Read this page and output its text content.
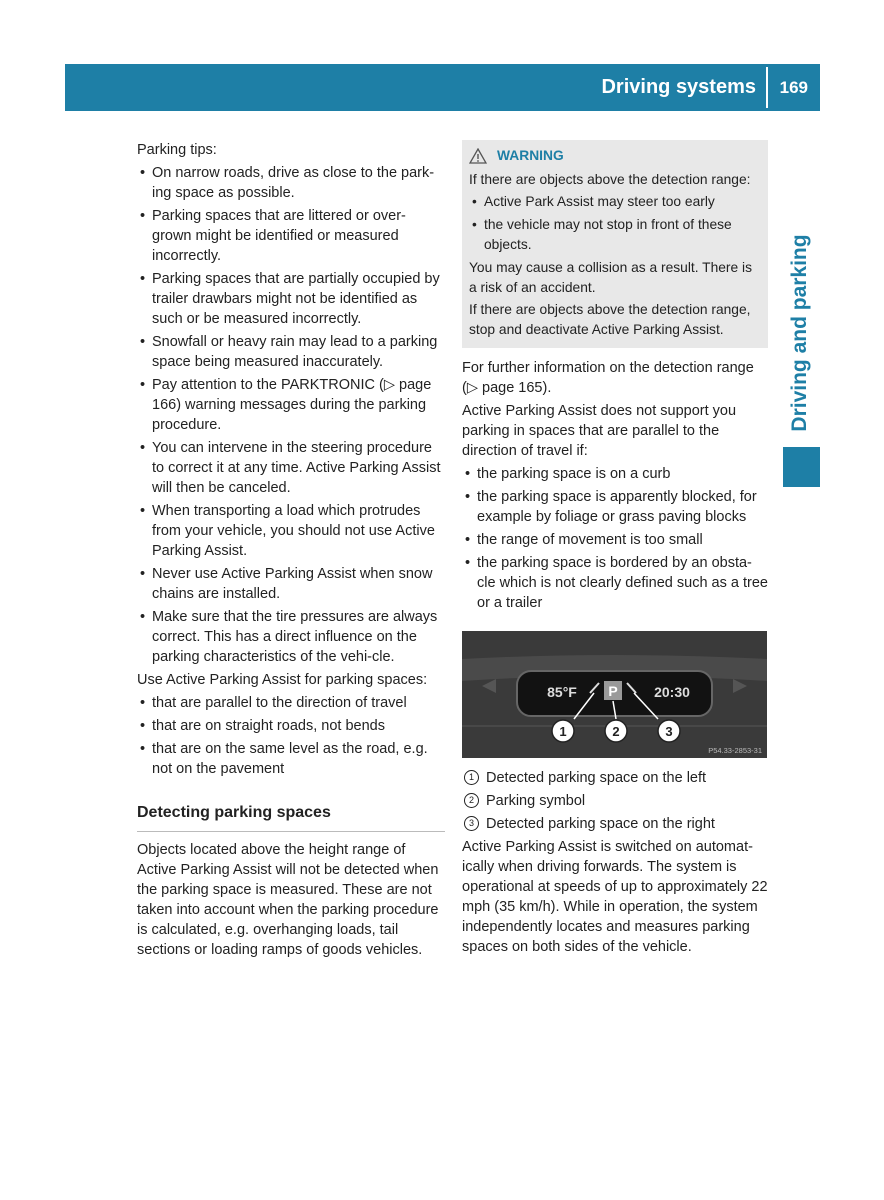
Driving systems 169
Driving and parking

Parking tips:

• On narrow roads, drive as close to the park-ing space as possible.
• Parking spaces that are littered or over-grown might be identified or measured incorrectly.
• Parking spaces that are partially occupied by trailer drawbars might not be identified as such or be measured incorrectly.
• Snowfall or heavy rain may lead to a parking space being measured inaccurately.
• Pay attention to the PARKTRONIC (▷ page 166) warning messages during the parking procedure.
• You can intervene in the steering procedure to correct it at any time. Active Parking Assist will then be canceled.
• When transporting a load which protrudes from your vehicle, you should not use Active Parking Assist.
• Never use Active Parking Assist when snow chains are installed.
• Make sure that the tire pressures are always correct. This has a direct influence on the parking characteristics of the vehi-cle.

Use Active Parking Assist for parking spaces:

• that are parallel to the direction of travel
• that are on straight roads, not bends
• that are on the same level as the road, e.g. not on the pavement
Detecting parking spaces

Objects located above the height range of Active Parking Assist will not be detected when the parking space is measured. These are not taken into account when the parking procedure is calculated, e.g. overhanging loads, tail sections or loading ramps of goods vehicles.

WARNING

If there are objects above the detection range:

• Active Park Assist may steer too early
• the vehicle may not stop in front of these objects.

You may cause a collision as a result. There is a risk of an accident.

If there are objects above the detection range, stop and deactivate Active Parking Assist.

For further information on the detection range (▷ page 165).

Active Parking Assist does not support you parking in spaces that are parallel to the direction of travel if:

• the parking space is on a curb
• the parking space is apparently blocked, for example by foliage or grass paving blocks
• the range of movement is too small
• the parking space is bordered by an obsta-cle which is not clearly defined such as a tree or a trailer
P
85°F	20:30
1	2	3
P54.33-2853-31
1 Detected parking space on the left
2 Parking symbol
3 Detected parking space on the right

Active Parking Assist is switched on automat-ically when driving forwards. The system is operational at speeds of up to approximately 22 mph (35 km/h). While in operation, the system independently locates and measures parking spaces on both sides of the vehicle.
